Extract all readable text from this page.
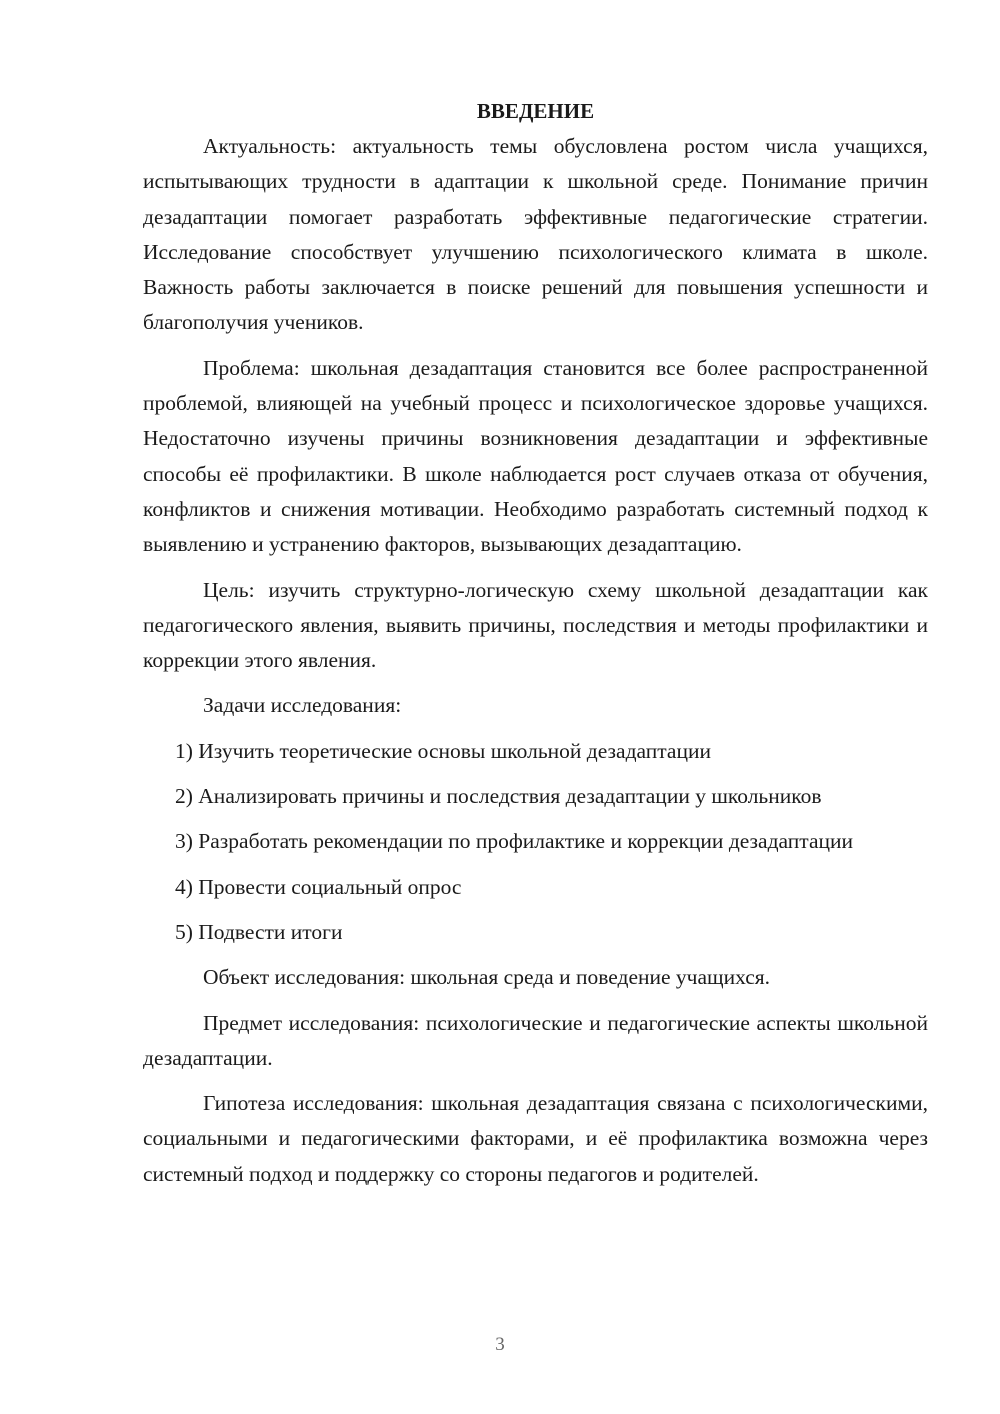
ВВЕДЕНИЕ

Актуальность: актуальность темы обусловлена ростом числа учащихся, испытывающих трудности в адаптации к школьной среде. Понимание причин дезадаптации помогает разработать эффективные педагогические стратегии. Исследование способствует улучшению психологического климата в школе. Важность работы заключается в поиске решений для повышения успешности и благополучия учеников.

Проблема: школьная дезадаптация становится все более распространенной проблемой, влияющей на учебный процесс и психологическое здоровье учащихся. Недостаточно изучены причины возникновения дезадаптации и эффективные способы её профилактики. В школе наблюдается рост случаев отказа от обучения, конфликтов и снижения мотивации. Необходимо разработать системный подход к выявлению и устранению факторов, вызывающих дезадаптацию.

Цель: изучить структурно-логическую схему школьной дезадаптации как педагогического явления, выявить причины, последствия и методы профилактики и коррекции этого явления.

Задачи исследования:

1) Изучить теоретические основы школьной дезадаптации

2) Анализировать причины и последствия дезадаптации у школьников

3) Разработать рекомендации по профилактике и коррекции дезадаптации

4) Провести социальный опрос

5) Подвести итоги

Объект исследования: школьная среда и поведение учащихся.

Предмет исследования: психологические и педагогические аспекты школьной дезадаптации.

Гипотеза исследования: школьная дезадаптация связана с психологическими, социальными и педагогическими факторами, и её профилактика возможна через системный подход и поддержку со стороны педагогов и родителей.

3
